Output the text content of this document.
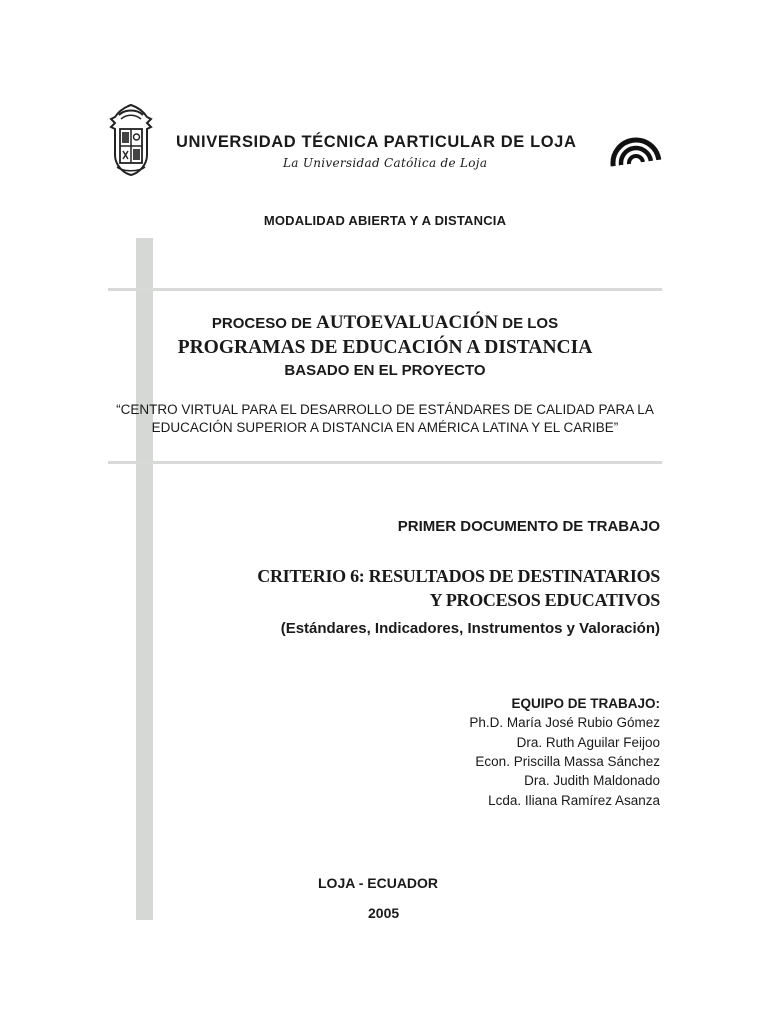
UNIVERSIDAD TÉCNICA PARTICULAR DE LOJA
La Universidad Católica de Loja
MODALIDAD ABIERTA Y A DISTANCIA
PROCESO DE AUTOEVALUACIÓN DE LOS
PROGRAMAS DE EDUCACIÓN A DISTANCIA
BASADO EN EL PROYECTO
“CENTRO VIRTUAL PARA EL DESARROLLO DE ESTÁNDARES DE CALIDAD PARA LA
EDUCACIÓN SUPERIOR A DISTANCIA EN AMÉRICA LATINA Y EL CARIBE”
PRIMER DOCUMENTO DE TRABAJO
CRITERIO 6: RESULTADOS DE DESTINATARIOS
Y PROCESOS EDUCATIVOS
(Estándares, Indicadores, Instrumentos y Valoración)
EQUIPO DE TRABAJO:
Ph.D. María José Rubio Gómez
Dra. Ruth Aguilar Feijoo
Econ. Priscilla Massa Sánchez
Dra. Judith Maldonado
Lcda. Iliana Ramírez Asanza
LOJA - ECUADOR
2005
